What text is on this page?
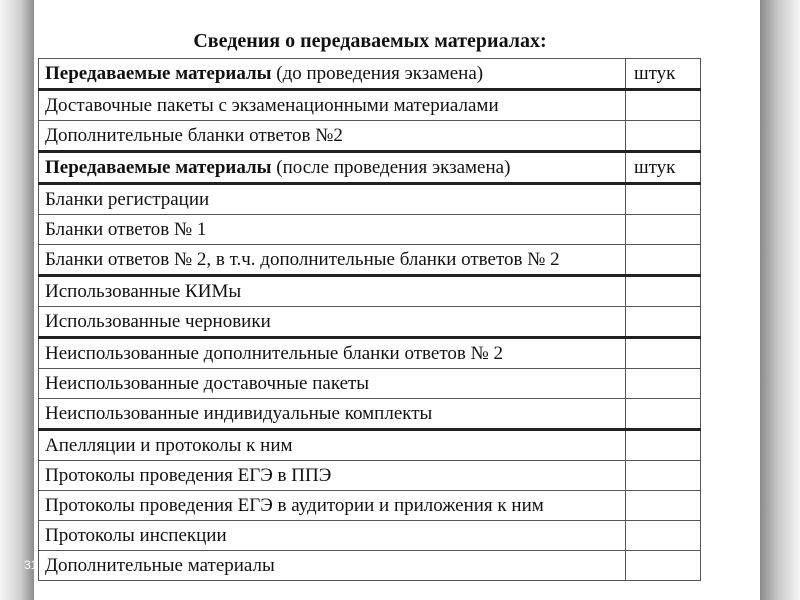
31
Сведения о передаваемых материалах:
Передаваемые материалы (до проведения экзамена)	штук
Доставочные пакеты с экзаменационными материалами	
Дополнительные бланки ответов №2	
Передаваемые материалы (после проведения экзамена)	штук
Бланки регистрации	
Бланки ответов № 1	
Бланки ответов № 2, в т.ч. дополнительные бланки ответов № 2	
Использованные КИМы	
Использованные черновики	
Неиспользованные дополнительные бланки ответов № 2	
Неиспользованные доставочные пакеты	
Неиспользованные индивидуальные комплекты	
Апелляции и протоколы к ним	
Протоколы проведения ЕГЭ в ППЭ	
Протоколы проведения ЕГЭ в аудитории и приложения к ним	
Протоколы инспекции	
Дополнительные материалы	
